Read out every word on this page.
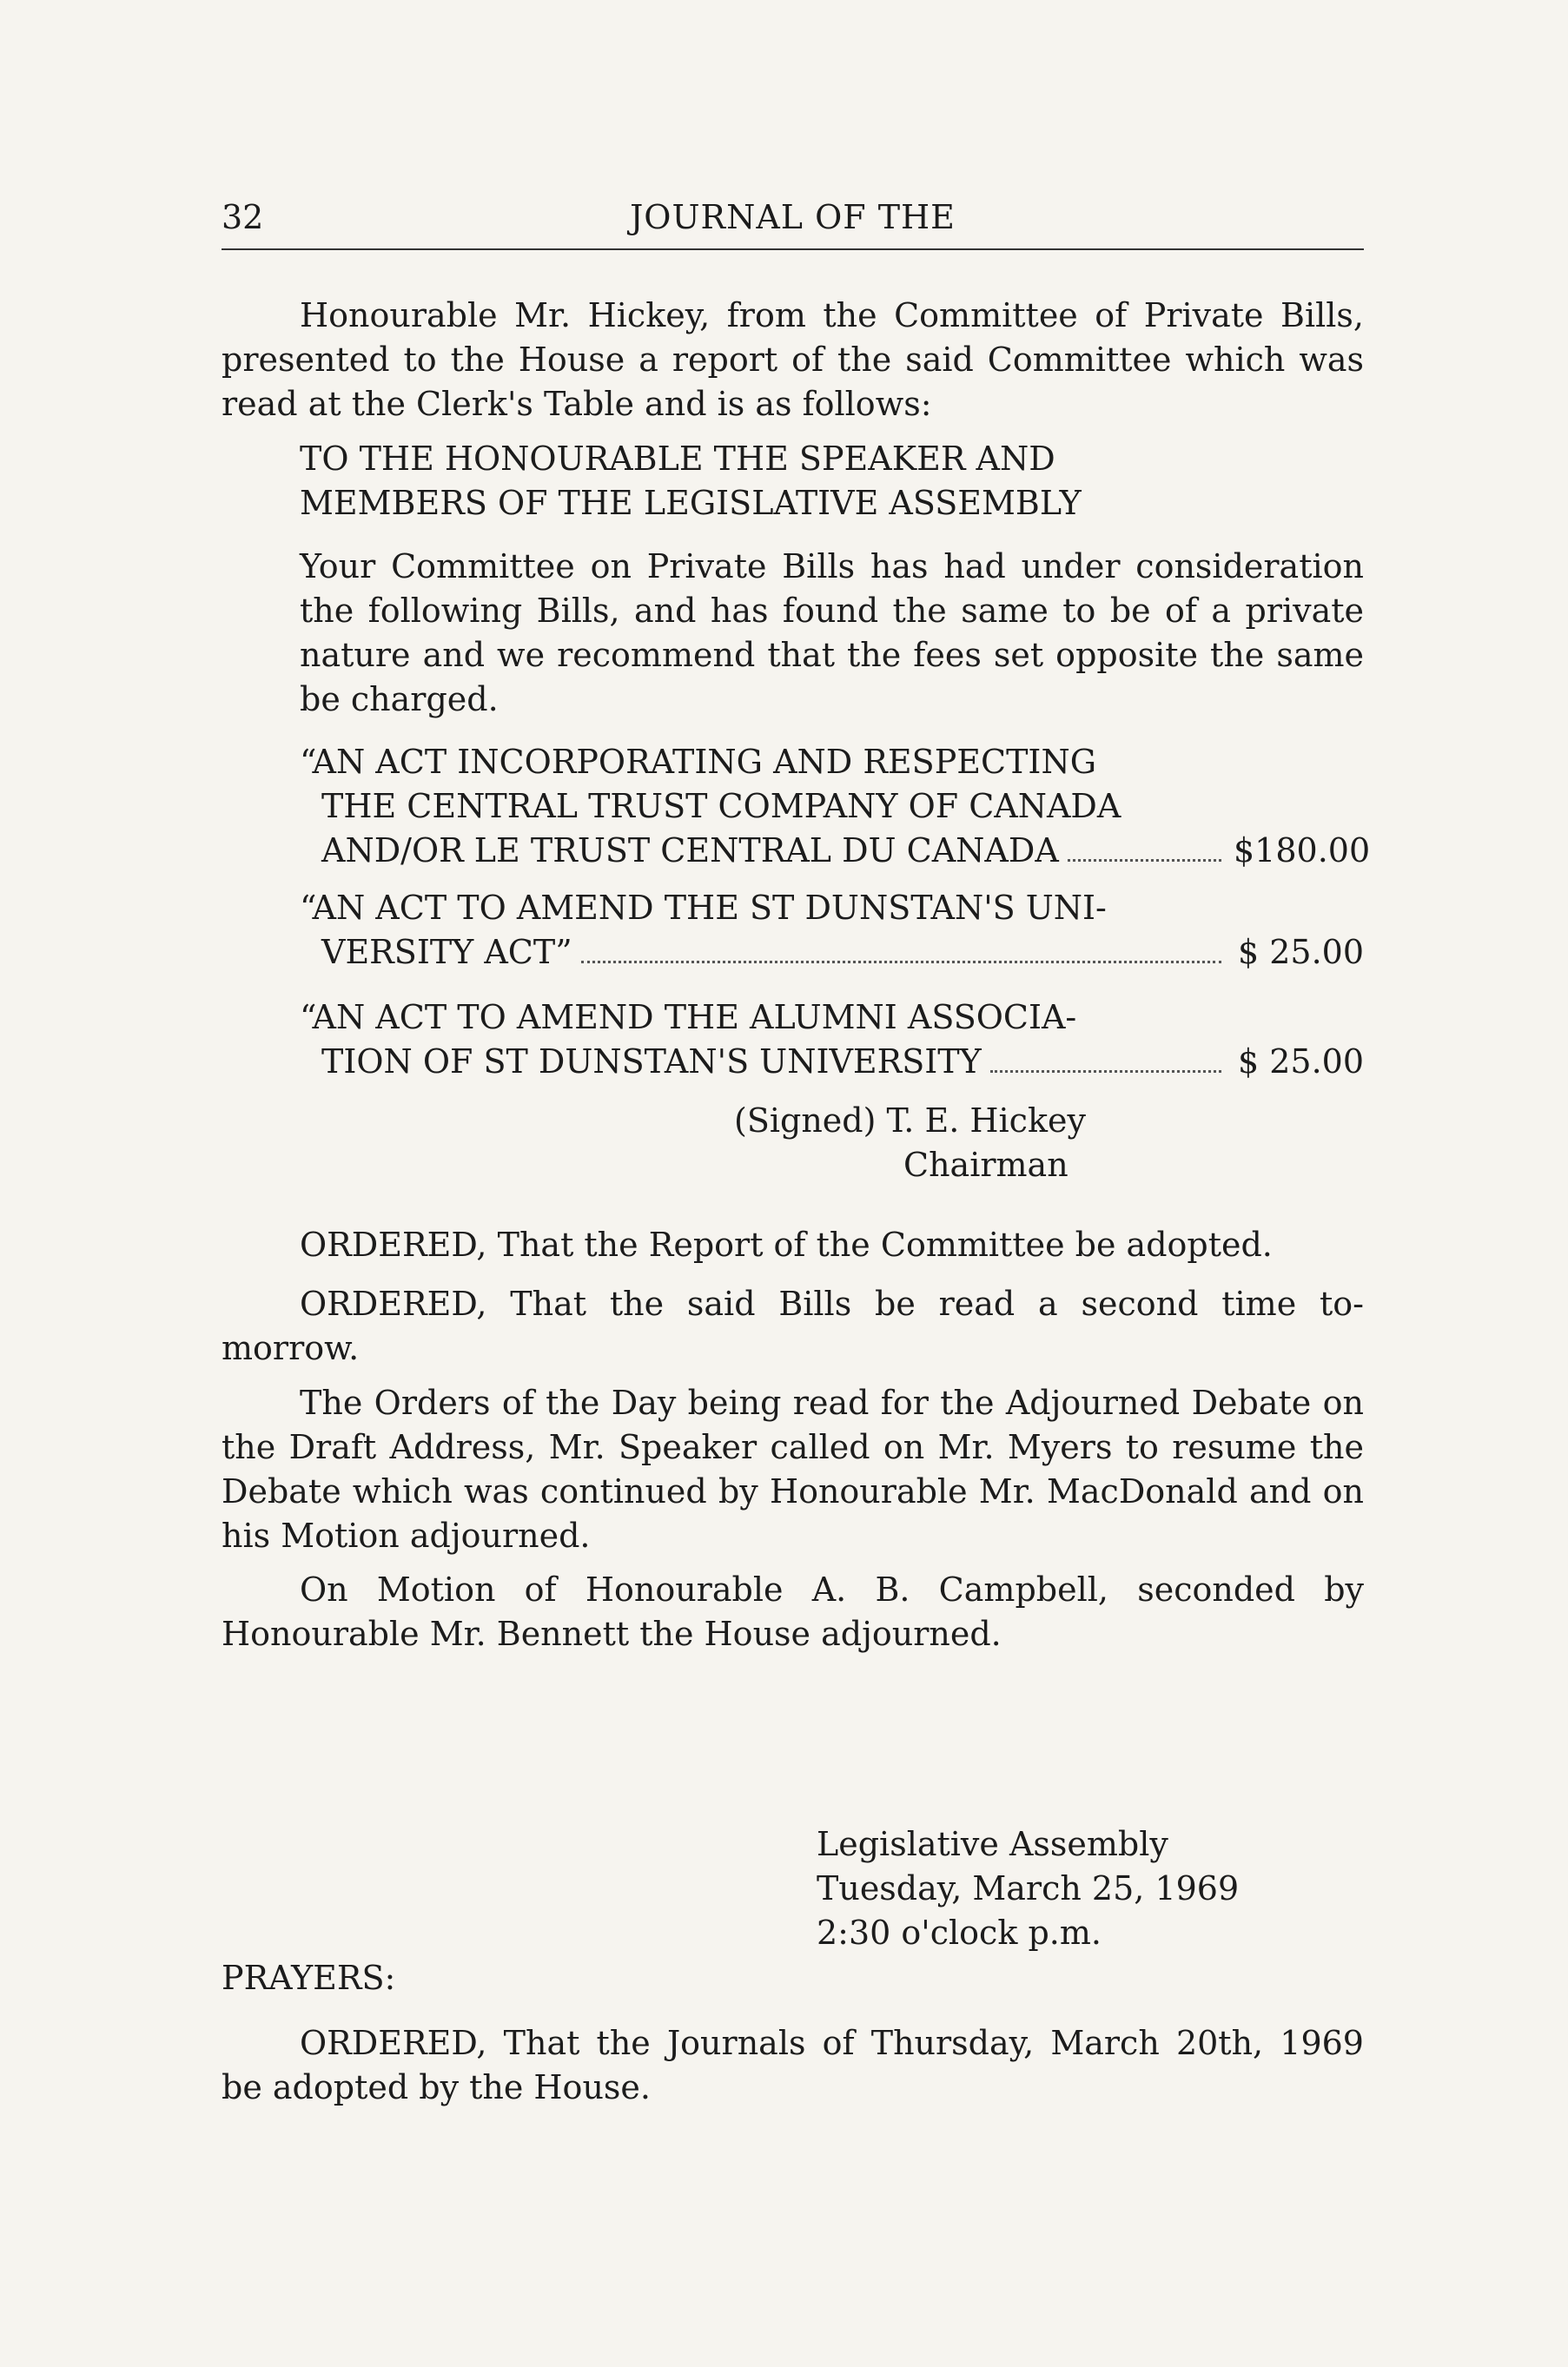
32	JOURNAL OF THE
Honourable Mr. Hickey, from the Committee of Private Bills, presented to the House a report of the said Committee which was read at the Clerk's Table and is as follows:
TO THE HONOURABLE THE SPEAKER AND
MEMBERS OF THE LEGISLATIVE ASSEMBLY
Your Committee on Private Bills has had under consideration the following Bills, and has found the same to be of a private nature and we recommend that the fees set opposite the same be charged.
“AN ACT INCORPORATING AND RESPECTING
THE CENTRAL TRUST COMPANY OF CANADA
AND/OR LE TRUST CENTRAL DU CANADA	$180.00
“AN ACT TO AMEND THE ST DUNSTAN'S UNI-
VERSITY ACT”	$ 25.00
“AN ACT TO AMEND THE ALUMNI ASSOCIA-
TION OF ST DUNSTAN'S UNIVERSITY	$ 25.00
(Signed) T. E. Hickey
Chairman
ORDERED, That the Report of the Committee be adopted.
ORDERED, That the said Bills be read a second time to-morrow.
The Orders of the Day being read for the Adjourned Debate on the Draft Address, Mr. Speaker called on Mr. Myers to resume the Debate which was continued by Honourable Mr. MacDonald and on his Motion adjourned.
On Motion of Honourable A. B. Campbell, seconded by Honourable Mr. Bennett the House adjourned.
Legislative Assembly
Tuesday, March 25, 1969
2:30 o'clock p.m.
PRAYERS:
ORDERED, That the Journals of Thursday, March 20th, 1969 be adopted by the House.
